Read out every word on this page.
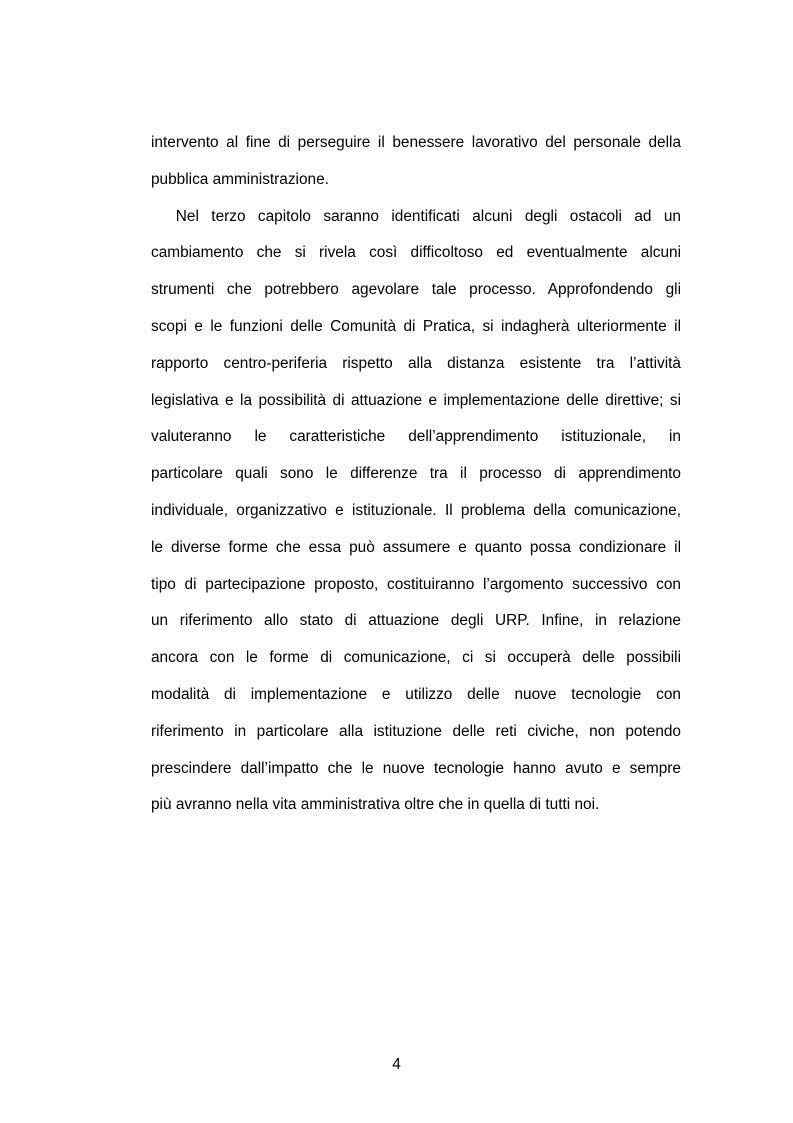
intervento al fine di perseguire il benessere lavorativo del personale della
pubblica amministrazione.
Nel terzo capitolo saranno identificati alcuni degli ostacoli ad un
cambiamento che si rivela così difficoltoso ed eventualmente alcuni
strumenti che potrebbero agevolare tale processo. Approfondendo gli
scopi e le funzioni delle Comunità di Pratica, si indagherà ulteriormente il
rapporto centro-periferia rispetto alla distanza esistente tra l’attività
legislativa e la possibilità di attuazione e implementazione delle direttive; si
valuteranno le caratteristiche dell’apprendimento istituzionale, in
particolare quali sono le differenze tra il processo di apprendimento
individuale, organizzativo e istituzionale. Il problema della comunicazione,
le diverse forme che essa può assumere e quanto possa condizionare il
tipo di partecipazione proposto, costituiranno l’argomento successivo con
un riferimento allo stato di attuazione degli URP. Infine, in relazione
ancora con le forme di comunicazione, ci si occuperà delle possibili
modalità di implementazione e utilizzo delle nuove tecnologie con
riferimento in particolare alla istituzione delle reti civiche, non potendo
prescindere dall’impatto che le nuove tecnologie hanno avuto e sempre
più avranno nella vita amministrativa oltre che in quella di tutti noi.
4
